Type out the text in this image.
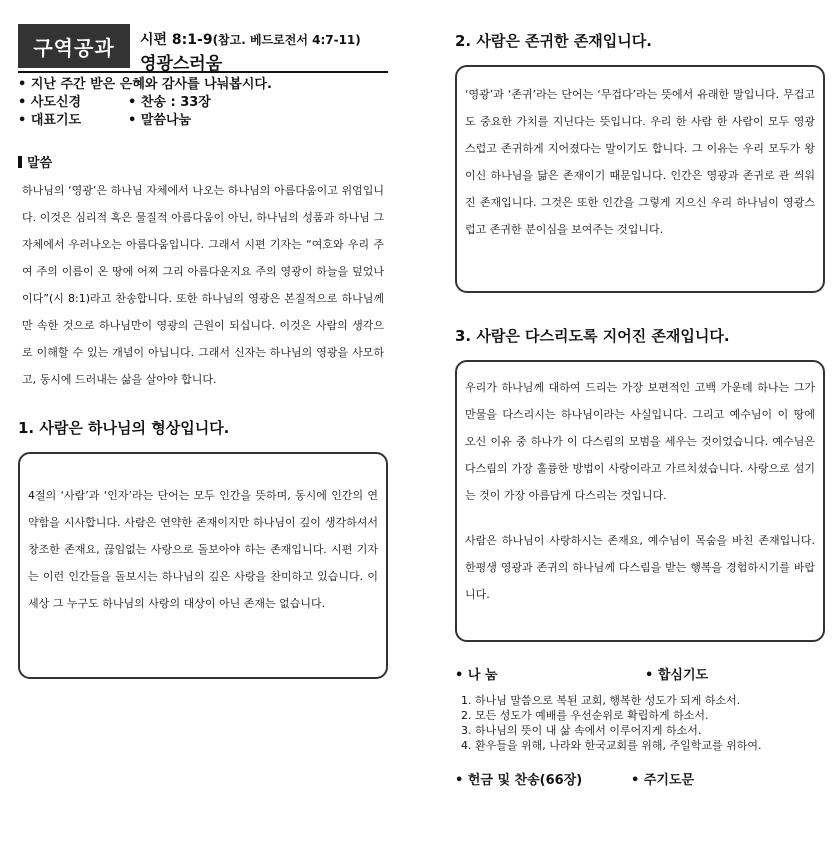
구역공과	시편 8:1-9(참고. 베드로전서 4:7-11)
영광스러움
• 지난 주간 받은 은혜와 감사를 나눠봅시다.
• 사도신경	• 찬송 : 33장
• 대표기도	• 말씀나눔
말씀

하나님의 ‘영광’은 하나님 자체에서 나오는 하나님의 아름다움이고 위엄입니다. 이것은 심리적 혹은 물질적 아름다움이 아닌, 하나님의 성품과 하나님 그 자체에서 우러나오는 아름다움입니다. 그래서 시편 기자는 “여호와 우리 주여 주의 이름이 온 땅에 어찌 그리 아름다운지요 주의 영광이 하늘을 덮었나이다”(시 8:1)라고 찬송합니다. 또한 하나님의 영광은 본질적으로 하나님께만 속한 것으로 하나님만이 영광의 근원이 되십니다. 이것은 사람의 생각으로 이해할 수 있는 개념이 아닙니다. 그래서 신자는 하나님의 영광을 사모하고, 동시에 드러내는 삶을 살아야 합니다.

1. 사람은 하나님의 형상입니다.

4절의 ‘사람’과 ‘인자’라는 단어는 모두 인간을 뜻하며, 동시에 인간의 연약함을 시사합니다. 사람은 연약한 존재이지만 하나님이 깊이 생각하셔서 창조한 존재요, 끊임없는 사랑으로 돌보아야 하는 존재입니다. 시편 기자는 이런 인간들을 돌보시는 하나님의 깊은 사랑을 찬미하고 있습니다. 이 세상 그 누구도 하나님의 사랑의 대상이 아닌 존재는 없습니다.

2. 사람은 존귀한 존재입니다.

‘영광’과 ‘존귀’라는 단어는 ‘무겁다’라는 뜻에서 유래한 말입니다. 무겁고도 중요한 가치를 지닌다는 뜻입니다. 우리 한 사람 한 사람이 모두 영광스럽고 존귀하게 지어졌다는 말이기도 합니다. 그 이유는 우리 모두가 왕이신 하나님을 닮은 존재이기 때문입니다. 인간은 영광과 존귀로 관 씌워진 존재입니다. 그것은 또한 인간을 그렇게 지으신 우리 하나님이 영광스럽고 존귀한 분이심을 보여주는 것입니다.

3. 사람은 다스리도록 지어진 존재입니다.

우리가 하나님께 대하여 드리는 가장 보편적인 고백 가운데 하나는 그가 만물을 다스리시는 하나님이라는 사실입니다. 그리고 예수님이 이 땅에 오신 이유 중 하나가 이 다스림의 모범을 세우는 것이었습니다. 예수님은 다스림의 가장 훌륭한 방법이 사랑이라고 가르치셨습니다. 사랑으로 섬기는 것이 가장 아름답게 다스리는 것입니다.

사람은 하나님이 사랑하시는 존재요, 예수님이 목숨을 바친 존재입니다. 한평생 영광과 존귀의 하나님께 다스림을 받는 행복을 경험하시기를 바랍니다.

• 나 눔	• 합심기도
1. 하나님 말씀으로 복된 교회, 행복한 성도가 되게 하소서.
2. 모든 성도가 예배를 우선순위로 확립하게 하소서.
3. 하나님의 뜻이 내 삶 속에서 이루어지게 하소서.
4. 환우들을 위해, 나라와 한국교회를 위해, 주일학교를 위하여.
• 헌금 및 찬송(66장)	• 주기도문
